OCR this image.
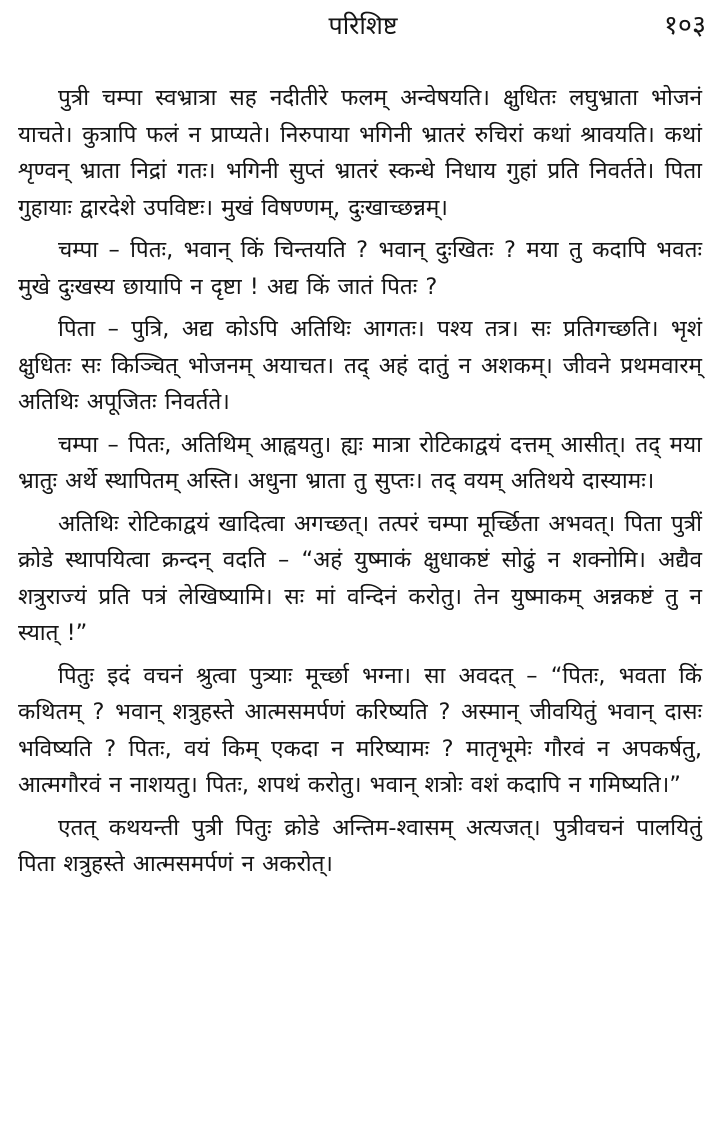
परिशिष्ट	१०३

पुत्री चम्पा स्वभ्रात्रा सह नदीतीरे फलम् अन्वेषयति। क्षुधितः लघुभ्राता भोजनं याचते। कुत्रापि फलं न प्राप्यते। निरुपाया भगिनी भ्रातरं रुचिरां कथां श्रावयति। कथां शृण्वन् भ्राता निद्रां गतः। भगिनी सुप्तं भ्रातरं स्कन्धे निधाय गुहां प्रति निवर्तते। पिता गुहायाः द्वारदेशे उपविष्टः। मुखं विषण्णम्, दुःखाच्छन्नम्।

चम्पा – पितः, भवान् किं चिन्तयति ? भवान् दुःखितः ? मया तु कदापि भवतः मुखे दुःखस्य छायापि न दृष्टा ! अद्य किं जातं पितः ?

पिता – पुत्रि, अद्य कोऽपि अतिथिः आगतः। पश्य तत्र। सः प्रतिगच्छति। भृशं क्षुधितः सः किञ्चित् भोजनम् अयाचत। तद् अहं दातुं न अशकम्। जीवने प्रथमवारम् अतिथिः अपूजितः निवर्तते।

चम्पा – पितः, अतिथिम् आह्वयतु। ह्यः मात्रा रोटिकाद्वयं दत्तम् आसीत्। तद् मया भ्रातुः अर्थे स्थापितम् अस्ति। अधुना भ्राता तु सुप्तः। तद् वयम् अतिथये दास्यामः।

अतिथिः रोटिकाद्वयं खादित्वा अगच्छत्। तत्परं चम्पा मूर्च्छिता अभवत्। पिता पुत्रीं क्रोडे स्थापयित्वा क्रन्दन् वदति – “अहं युष्माकं क्षुधाकष्टं सोढुं न शक्नोमि। अद्यैव शत्रुराज्यं प्रति पत्रं लेखिष्यामि। सः मां वन्दिनं करोतु। तेन युष्माकम् अन्नकष्टं तु न स्यात् !”

पितुः इदं वचनं श्रुत्वा पुत्र्याः मूर्च्छा भग्ना। सा अवदत् – “पितः, भवता किं कथितम् ? भवान् शत्रुहस्ते आत्मसमर्पणं करिष्यति ? अस्मान् जीवयितुं भवान् दासः भविष्यति ? पितः, वयं किम् एकदा न मरिष्यामः ? मातृभूमेः गौरवं न अपकर्षतु, आत्मगौरवं न नाशयतु। पितः, शपथं करोतु। भवान् शत्रोः वशं कदापि न गमिष्यति।”

एतत् कथयन्ती पुत्री पितुः क्रोडे अन्तिम-श्वासम् अत्यजत्। पुत्रीवचनं पालयितुं पिता शत्रुहस्ते आत्मसमर्पणं न अकरोत्।
